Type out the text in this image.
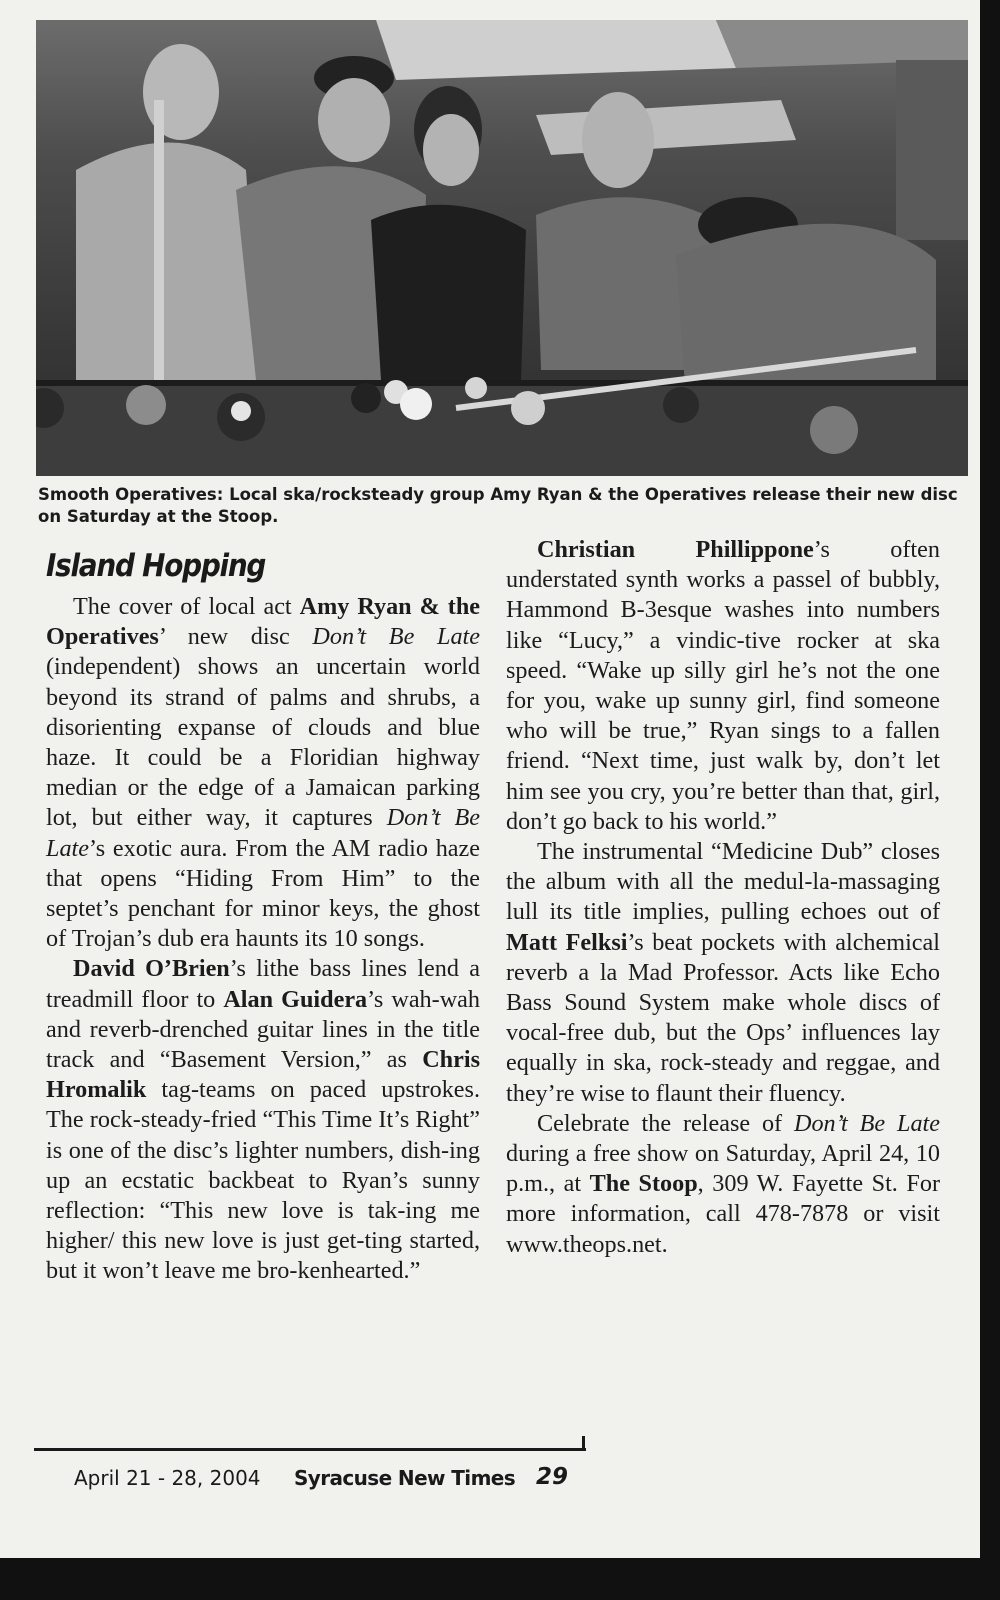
Smooth Operatives: Local ska/rocksteady group Amy Ryan & the Operatives release their new disc on Saturday at the Stoop.
Island Hopping

The cover of local act Amy Ryan & the Operatives’ new disc Don’t Be Late (independent) shows an uncertain world beyond its strand of palms and shrubs, a disorienting expanse of clouds and blue haze. It could be a Floridian highway median or the edge of a Jamaican parking lot, but either way, it captures Don’t Be Late’s exotic aura. From the AM radio haze that opens “Hiding From Him” to the septet’s penchant for minor keys, the ghost of Trojan’s dub era haunts its 10 songs.

David O’Brien’s lithe bass lines lend a treadmill floor to Alan Guidera’s wah-wah and reverb-drenched guitar lines in the title track and “Basement Version,” as Chris Hromalik tag-teams on paced upstrokes. The rock-steady-fried “This Time It’s Right” is one of the disc’s lighter numbers, dish-ing up an ecstatic backbeat to Ryan’s sunny reflection: “This new love is tak-ing me higher/ this new love is just get-ting started, but it won’t leave me bro-kenhearted.”

Christian Phillippone’s often understated synth works a passel of bubbly, Hammond B-3esque washes into numbers like “Lucy,” a vindic-tive rocker at ska speed. “Wake up silly girl he’s not the one for you, wake up sunny girl, find someone who will be true,” Ryan sings to a fallen friend. “Next time, just walk by, don’t let him see you cry, you’re better than that, girl, don’t go back to his world.”

The instrumental “Medicine Dub” closes the album with all the medul-la-massaging lull its title implies, pulling echoes out of Matt Felksi’s beat pockets with alchemical reverb a la Mad Professor. Acts like Echo Bass Sound System make whole discs of vocal-free dub, but the Ops’ influences lay equally in ska, rock-steady and reggae, and they’re wise to flaunt their fluency.

Celebrate the release of Don’t Be Late during a free show on Saturday, April 24, 10 p.m., at The Stoop, 309 W. Fayette St. For more information, call 478-7878 or visit www.theops.net.

April 21 - 28, 2004 Syracuse New Times 29
